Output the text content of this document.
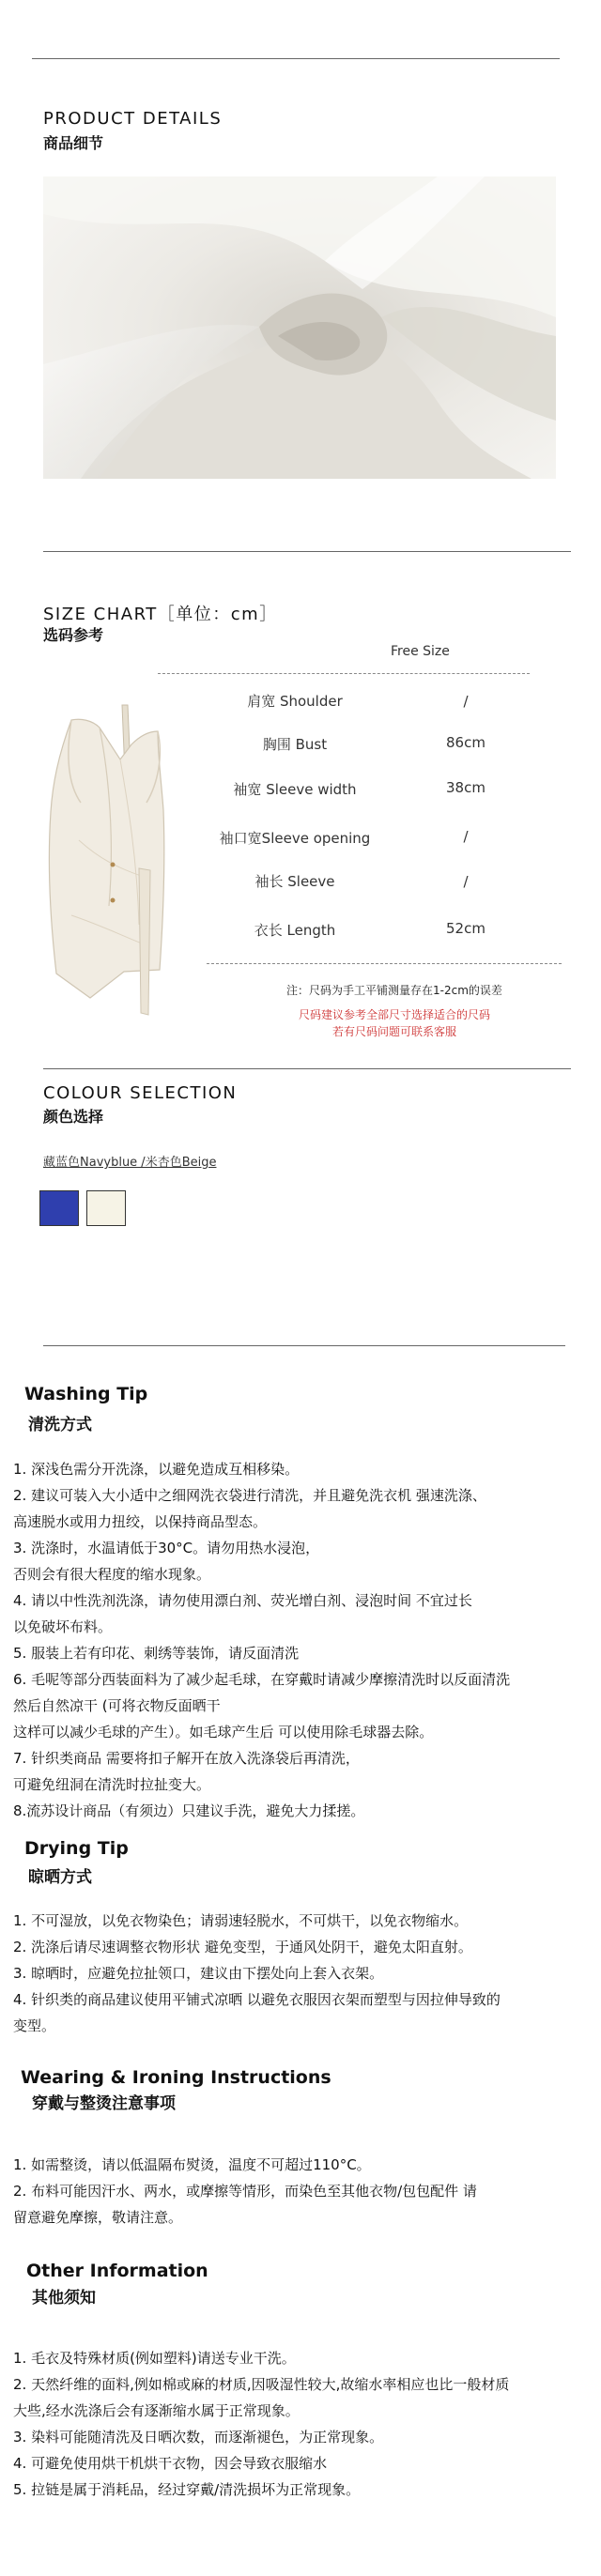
PRODUCT DETAILS
商品细节
SIZE CHART［单位：cm］
选码参考
Free Size
肩宽 Shoulder	/
胸围 Bust	86cm
袖宽 Sleeve width	38cm
袖口宽Sleeve opening	/
袖长 Sleeve	/
衣长 Length	52cm
注：尺码为手工平铺测量存在1-2cm的误差
尺码建议参考全部尺寸选择适合的尺码
若有尺码问题可联系客服
COLOUR SELECTION
颜色选择
藏蓝色Navyblue /米杏色Beige
Washing Tip
清洗方式

1. 深浅色需分开洗涤，以避免造成互相移染。

2. 建议可装入大小适中之细网洗衣袋进行清洗，并且避免洗衣机 强速洗涤、

高速脱水或用力扭绞，以保持商品型态。

3. 洗涤时，水温请低于30°C。请勿用热水浸泡，

否则会有很大程度的缩水现象。

4. 请以中性洗剂洗涤，请勿使用漂白剂、荧光增白剂、浸泡时间 不宜过长

以免破坏布料。

5. 服装上若有印花、刺绣等装饰，请反面清洗

6. 毛呢等部分西装面料为了减少起毛球，在穿戴时请减少摩擦清洗时以反面清洗

然后自然凉干 (可将衣物反面晒干

这样可以减少毛球的产生）。如毛球产生后 可以使用除毛球器去除。

7. 针织类商品 需要将扣子解开在放入洗涤袋后再清洗，

可避免纽洞在清洗时拉扯变大。

8.流苏设计商品（有须边）只建议手洗，避免大力揉搓。

Drying Tip
晾晒方式

1. 不可湿放，以免衣物染色；请弱速轻脱水，不可烘干，以免衣物缩水。

2. 洗涤后请尽速调整衣物形状 避免变型，于通风处阴干，避免太阳直射。

3. 晾晒时，应避免拉扯领口，建议由下摆处向上套入衣架。

4. 针织类的商品建议使用平铺式凉晒 以避免衣服因衣架而塑型与因拉伸导致的

变型。

Wearing & Ironing Instructions
穿戴与整烫注意事项

1. 如需整烫，请以低温隔布熨烫，温度不可超过110°C。

2. 布料可能因汗水、两水，或摩擦等情形，而染色至其他衣物/包包配件 请

留意避免摩擦，敬请注意。

Other Information
其他须知

1. 毛衣及特殊材质(例如塑料)请送专业干洗。

2. 天然纤维的面料,例如棉或麻的材质,因吸湿性较大,故缩水率相应也比一般材质

大些,经水洗涤后会有逐渐缩水属于正常现象。

3. 染料可能随清洗及日晒次数，而逐渐褪色，为正常现象。

4. 可避免使用烘干机烘干衣物，因会导致衣服缩水

5. 拉链是属于消耗品，经过穿戴/清洗损坏为正常现象。
